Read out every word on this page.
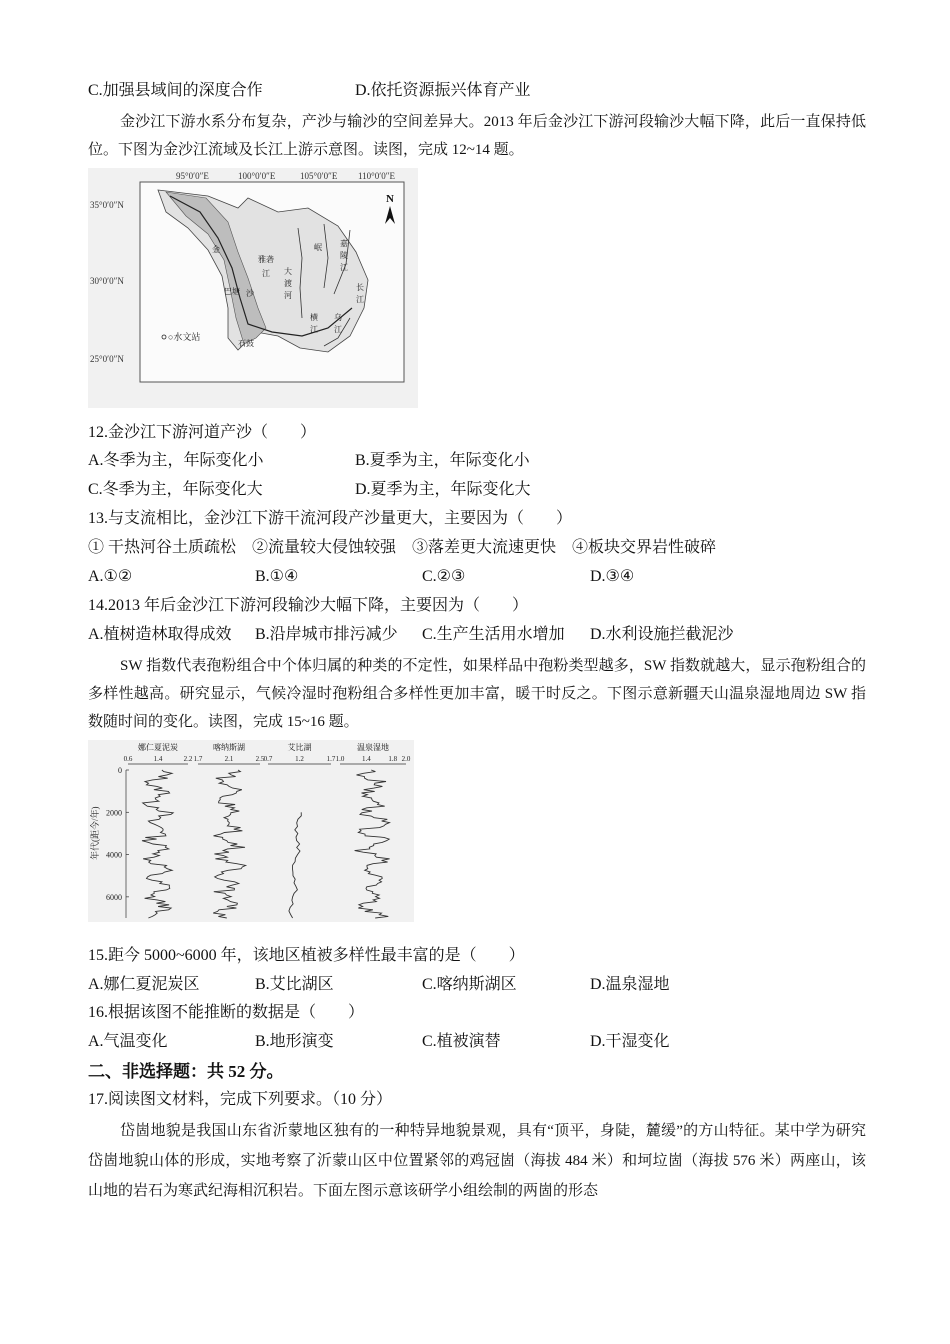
C.加强县域间的深度合作	D.依托资源振兴体育产业
金沙江下游水系分布复杂，产沙与输沙的空间差异大。2013 年后金沙江下游河段输沙大幅下降，此后一直保持低位。下图为金沙江流域及长江上游示意图。读图，完成 12~14 题。
95°0′0″E	100°0′0″E	105°0′0″E 110°0′0″E
35°0′0″N
30°0′0″N
25°0′0″N
N
○水文站
金
沙
巴塘
雅砻
江
石鼓
大
渡
河
岷 嘉
陵
江
长
江
乌
江
横
江
12.金沙江下游河道产沙（　　）
A.冬季为主，年际变化小	B.夏季为主，年际变化小
C.冬季为主，年际变化大	D.夏季为主，年际变化大
13.与支流相比，金沙江下游干流河段产沙量更大，主要因为（　　）
① 干热河谷土质疏松　②流量较大侵蚀较强　③落差更大流速更快　④板块交界岩性破碎
A.①②	B.①④	C.②③	D.③④
14.2013 年后金沙江下游河段输沙大幅下降，主要因为（　　）
A.植树造林取得成效 B.沿岸城市排污减少 C.生产生活用水增加 D.水利设施拦截泥沙
SW 指数代表孢粉组合中个体归属的种类的不定性，如果样品中孢粉类型越多，SW 指数就越大，显示孢粉组合的多样性越高。研究显示，气候冷湿时孢粉组合多样性更加丰富，暖干时反之。下图示意新疆天山温泉湿地周边 SW 指数随时间的变化。读图，完成 15~16 题。
年代(距今/年)
0
2000
4000
6000
娜仁夏泥炭
0.6	1.4	2.2
喀纳斯湖
1.7	2.1	2.5
艾比湖
0.7	1.2	1.7
温泉湿地
1.0	1.4	1.8 2.0
15.距今 5000~6000 年，该地区植被多样性最丰富的是（　　）
A.娜仁夏泥炭区	B.艾比湖区	C.喀纳斯湖区	D.温泉湿地
16.根据该图不能推断的数据是（　　）
A.气温变化	B.地形演变	C.植被演替	D.干湿变化
二、非选择题：共 52 分。
17.阅读图文材料，完成下列要求。（10 分）
岱崮地貌是我国山东省沂蒙地区独有的一种特异地貌景观，具有“顶平，身陡，麓缓”的方山特征。某中学为研究岱崮地貌山体的形成，实地考察了沂蒙山区中位置紧邻的鸡冠崮（海拔 484 米）和坷垃崮（海拔 576 米）两座山，该山地的岩石为寒武纪海相沉积岩。下面左图示意该研学小组绘制的两崮的形态
